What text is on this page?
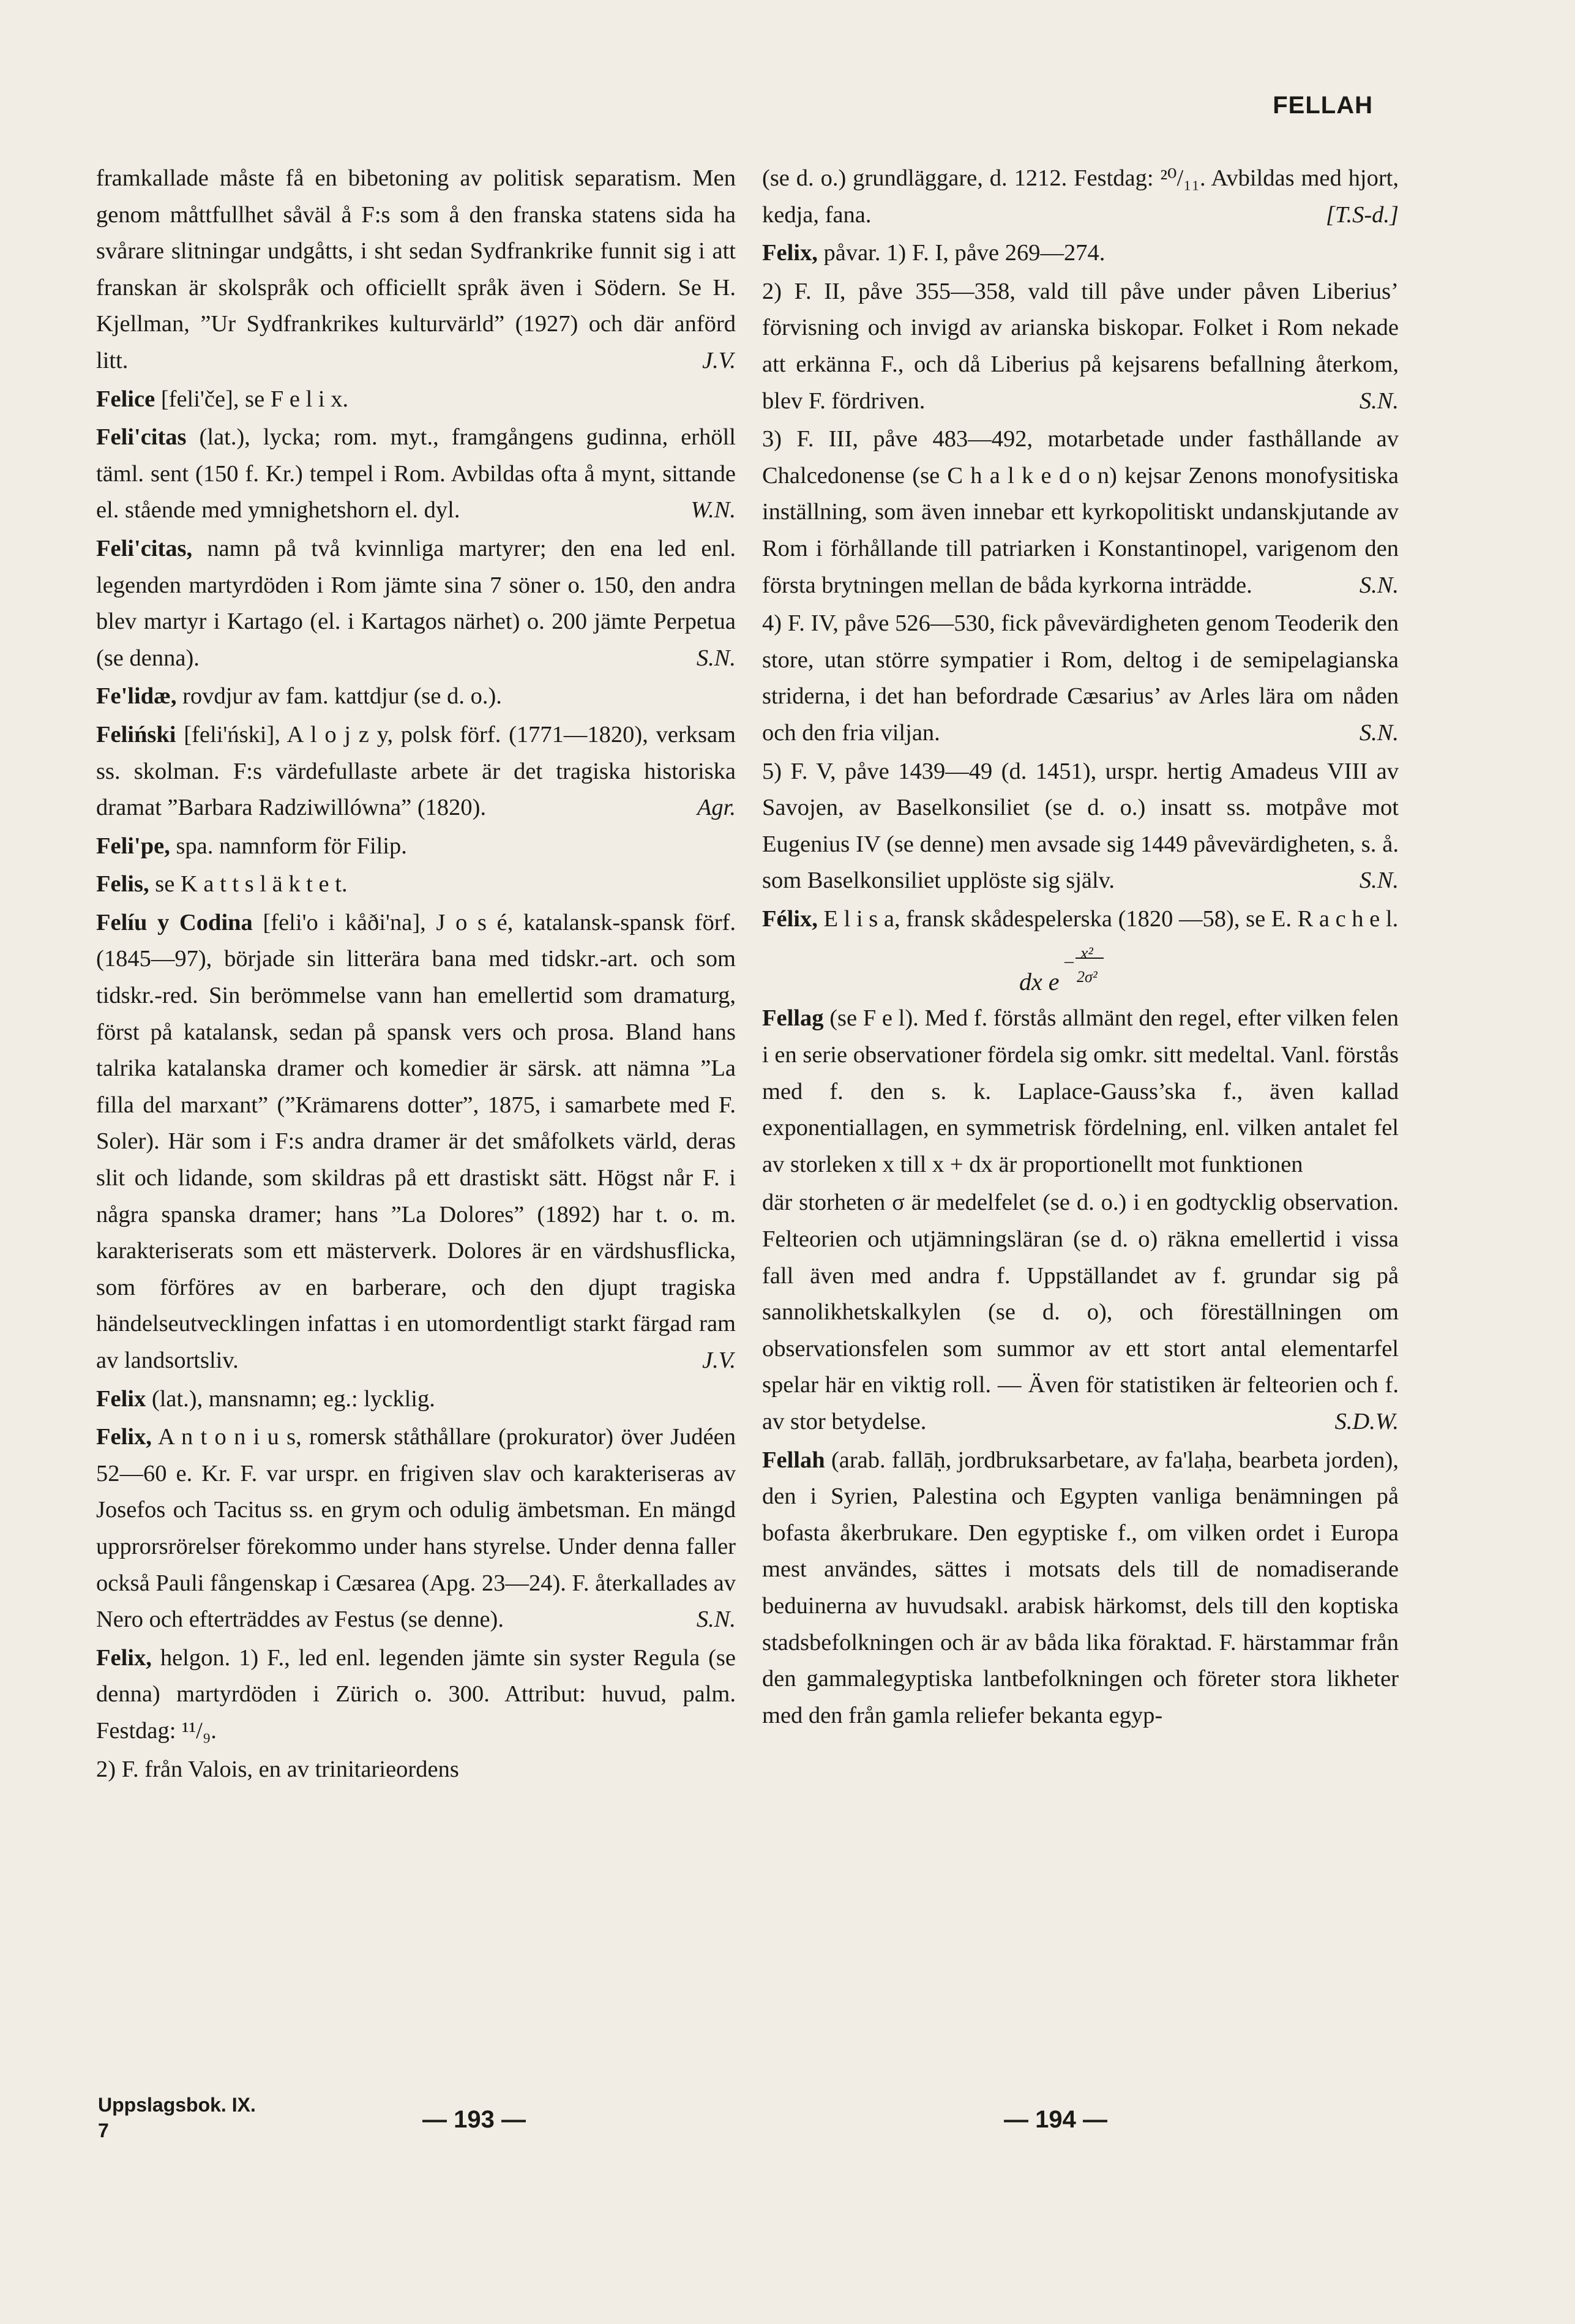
FELLAH

framkallade måste få en bibetoning av politisk separatism. Men genom måttfullhet såväl å F:s som å den franska statens sida ha svårare slitningar undgåtts, i sht sedan Sydfrankrike funnit sig i att franskan är skolspråk och officiellt språk även i Södern. Se H. Kjellman, ”Ur Sydfrankrikes kulturvärld” (1927) och där anförd litt.	J.V.

Felice [feli'če], se F e l i x.

Feli'citas (lat.), lycka; rom. myt., framgångens gudinna, erhöll täml. sent (150 f. Kr.) tempel i Rom. Avbildas ofta å mynt, sittande el. stående med ymnighetshorn el. dyl.	W.N.

Feli'citas, namn på två kvinnliga martyrer; den ena led enl. legenden martyrdöden i Rom jämte sina 7 söner o. 150, den andra blev martyr i Kartago (el. i Kartagos närhet) o. 200 jämte Perpetua (se denna).	S.N.

Fe'lidæ, rovdjur av fam. kattdjur (se d. o.).

Feliński [feli'ński], A l o j z y, polsk förf. (1771—1820), verksam ss. skolman. F:s värdefullaste arbete är det tragiska historiska dramat ”Barbara Radziwillówna” (1820).	Agr.

Feli'pe, spa. namnform för Filip.

Felis, se K a t t s l ä k t e t.

Felíu y Codina [feli'o i kåði'na], J o s é, katalansk-spansk förf. (1845—97), började sin litterära bana med tidskr.-art. och som tidskr.-red. Sin berömmelse vann han emellertid som dramaturg, först på katalansk, sedan på spansk vers och prosa. Bland hans talrika katalanska dramer och komedier är särsk. att nämna ”La filla del marxant” (”Krämarens dotter”, 1875, i samarbete med F. Soler). Här som i F:s andra dramer är det småfolkets värld, deras slit och lidande, som skildras på ett drastiskt sätt. Högst når F. i några spanska dramer; hans ”La Dolores” (1892) har t. o. m. karakteriserats som ett mästerverk. Dolores är en värdshusflicka, som förföres av en barberare, och den djupt tragiska händelseutvecklingen infattas i en utomordentligt starkt färgad ram av landsortsliv.	J.V.

Felix (lat.), mansnamn; eg.: lycklig.

Felix, A n t o n i u s, romersk ståthållare (prokurator) över Judéen 52—60 e. Kr. F. var urspr. en frigiven slav och karakteriseras av Josefos och Tacitus ss. en grym och odulig ämbetsman. En mängd upprorsrörelser förekommo under hans styrelse. Under denna faller också Pauli fångenskap i Cæsarea (Apg. 23—24). F. återkallades av Nero och efterträddes av Festus (se denne).	S.N.

Felix, helgon. 1) F., led enl. legenden jämte sin syster Regula (se denna) martyrdöden i Zürich o. 300. Attribut: huvud, palm. Festdag: ¹¹/₉.

2) F. från Valois, en av trinitarieordens

(se d. o.) grundläggare, d. 1212. Festdag: ²⁰/₁₁. Avbildas med hjort, kedja, fana.	[T.S-d.]

Felix, påvar. 1) F. I, påve 269—274.

2) F. II, påve 355—358, vald till påve under påven Liberius’ förvisning och invigd av arianska biskopar. Folket i Rom nekade att erkänna F., och då Liberius på kejsarens befallning återkom, blev F. fördriven.	S.N.

3) F. III, påve 483—492, motarbetade under fasthållande av Chalcedonense (se C h a l k e d o n) kejsar Zenons monofysitiska inställning, som även innebar ett kyrkopolitiskt undanskjutande av Rom i förhållande till patriarken i Konstantinopel, varigenom den första brytningen mellan de båda kyrkorna inträdde.	S.N.

4) F. IV, påve 526—530, fick påvevärdigheten genom Teoderik den store, utan större sympatier i Rom, deltog i de semipelagianska striderna, i det han befordrade Cæsarius’ av Arles lära om nåden och den fria viljan.	S.N.

5) F. V, påve 1439—49 (d. 1451), urspr. hertig Amadeus VIII av Savojen, av Baselkonsiliet (se d. o.) insatt ss. motpåve mot Eugenius IV (se denne) men avsade sig 1449 påvevärdigheten, s. å. som Baselkonsiliet upplöste sig själv.	S.N.

Félix, E l i s a, fransk skådespelerska (1820 —58), se E. R a c h e l.

dx e
– x²
2σ²

Fellag (se F e l). Med f. förstås allmänt den regel, efter vilken felen i en serie observationer fördela sig omkr. sitt medeltal. Vanl. förstås med f. den s. k. Laplace-Gauss’ska f., även kallad exponentiallagen, en symmetrisk fördelning, enl. vilken antalet fel av storleken x till x + dx är proportionellt mot funktionen

där storheten σ är medelfelet (se d. o.) i en godtycklig observation. Felteorien och utjämningsläran (se d. o) räkna emellertid i vissa fall även med andra f. Uppställandet av f. grundar sig på sannolikhetskalkylen (se d. o), och föreställningen om observationsfelen som summor av ett stort antal elementarfel spelar här en viktig roll. — Även för statistiken är felteorien och f. av stor betydelse.	S.D.W.

Fellah (arab. fallāḥ, jordbruksarbetare, av fa'laḥa, bearbeta jorden), den i Syrien, Palestina och Egypten vanliga benämningen på bofasta åkerbrukare. Den egyptiske f., om vilken ordet i Europa mest användes, sättes i motsats dels till de nomadiserande beduinerna av huvudsakl. arabisk härkomst, dels till den koptiska stadsbefolkningen och är av båda lika föraktad. F. härstammar från den gammalegyptiska lantbefolkningen och företer stora likheter med den från gamla reliefer bekanta egyp-

Uppslagsbok. IX.
7	— 193 —	— 194 —
